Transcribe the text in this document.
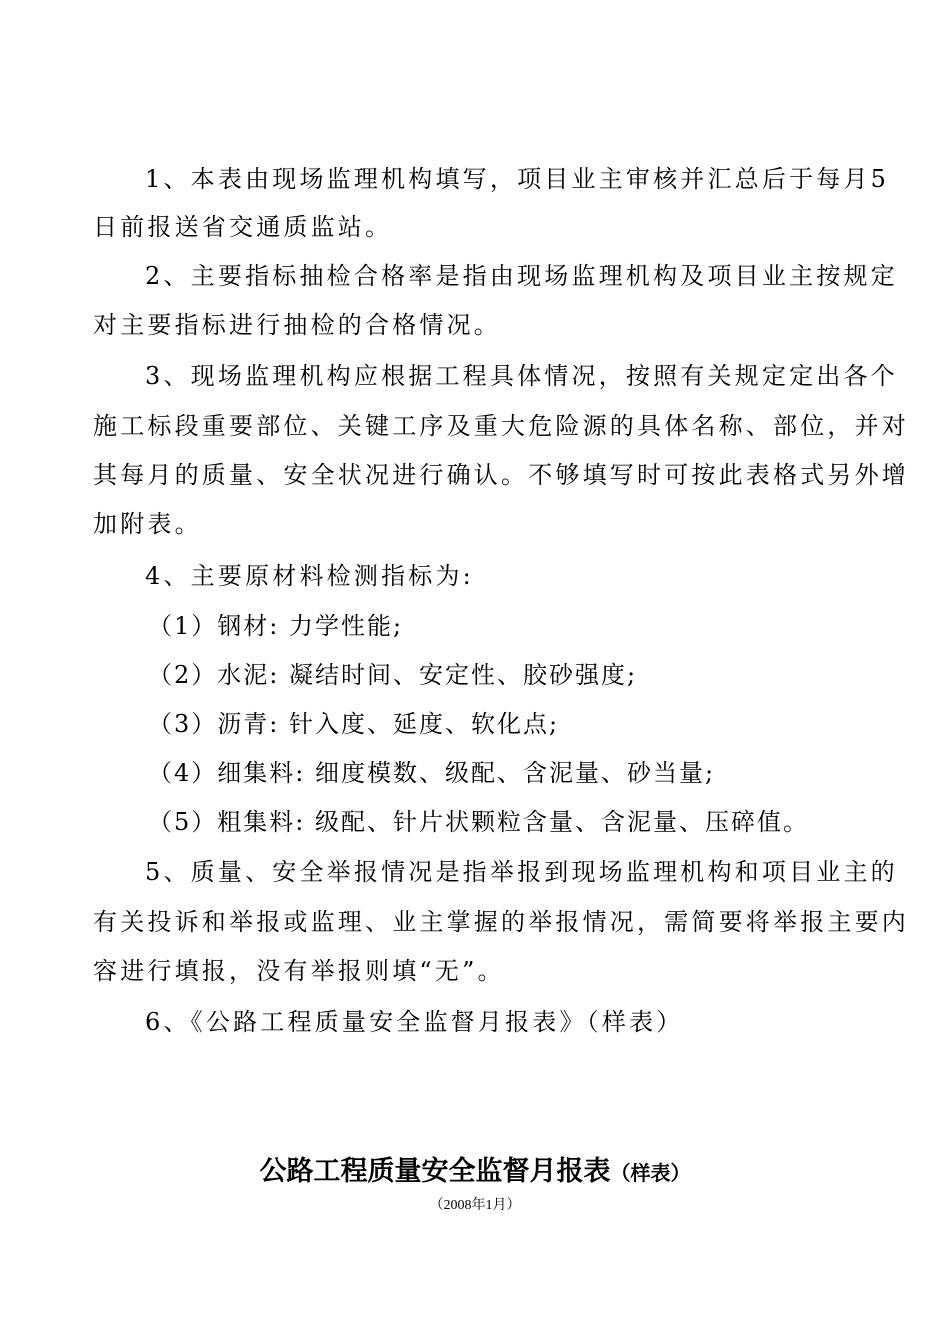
1、本表由现场监理机构填写，项目业主审核并汇总后于每月5
日前报送省交通质监站。
2、主要指标抽检合格率是指由现场监理机构及项目业主按规定
对主要指标进行抽检的合格情况。
3、现场监理机构应根据工程具体情况，按照有关规定定出各个
施工标段重要部位、关键工序及重大危险源的具体名称、部位，并对
其每月的质量、安全状况进行确认。不够填写时可按此表格式另外增
加附表。
4、主要原材料检测指标为:
（1）钢材: 力学性能;
（2）水泥: 凝结时间、安定性、胶砂强度;
（3）沥青: 针入度、延度、软化点;
（4）细集料: 细度模数、级配、含泥量、砂当量;
（5）粗集料: 级配、针片状颗粒含量、含泥量、压碎值。
5、质量、安全举报情况是指举报到现场监理机构和项目业主的
有关投诉和举报或监理、业主掌握的举报情况，需简要将举报主要内
容进行填报，没有举报则填“无”。
6、《公路工程质量安全监督月报表》（样表）
公路工程质量安全监督月报表（样表）
（2008年1月）
